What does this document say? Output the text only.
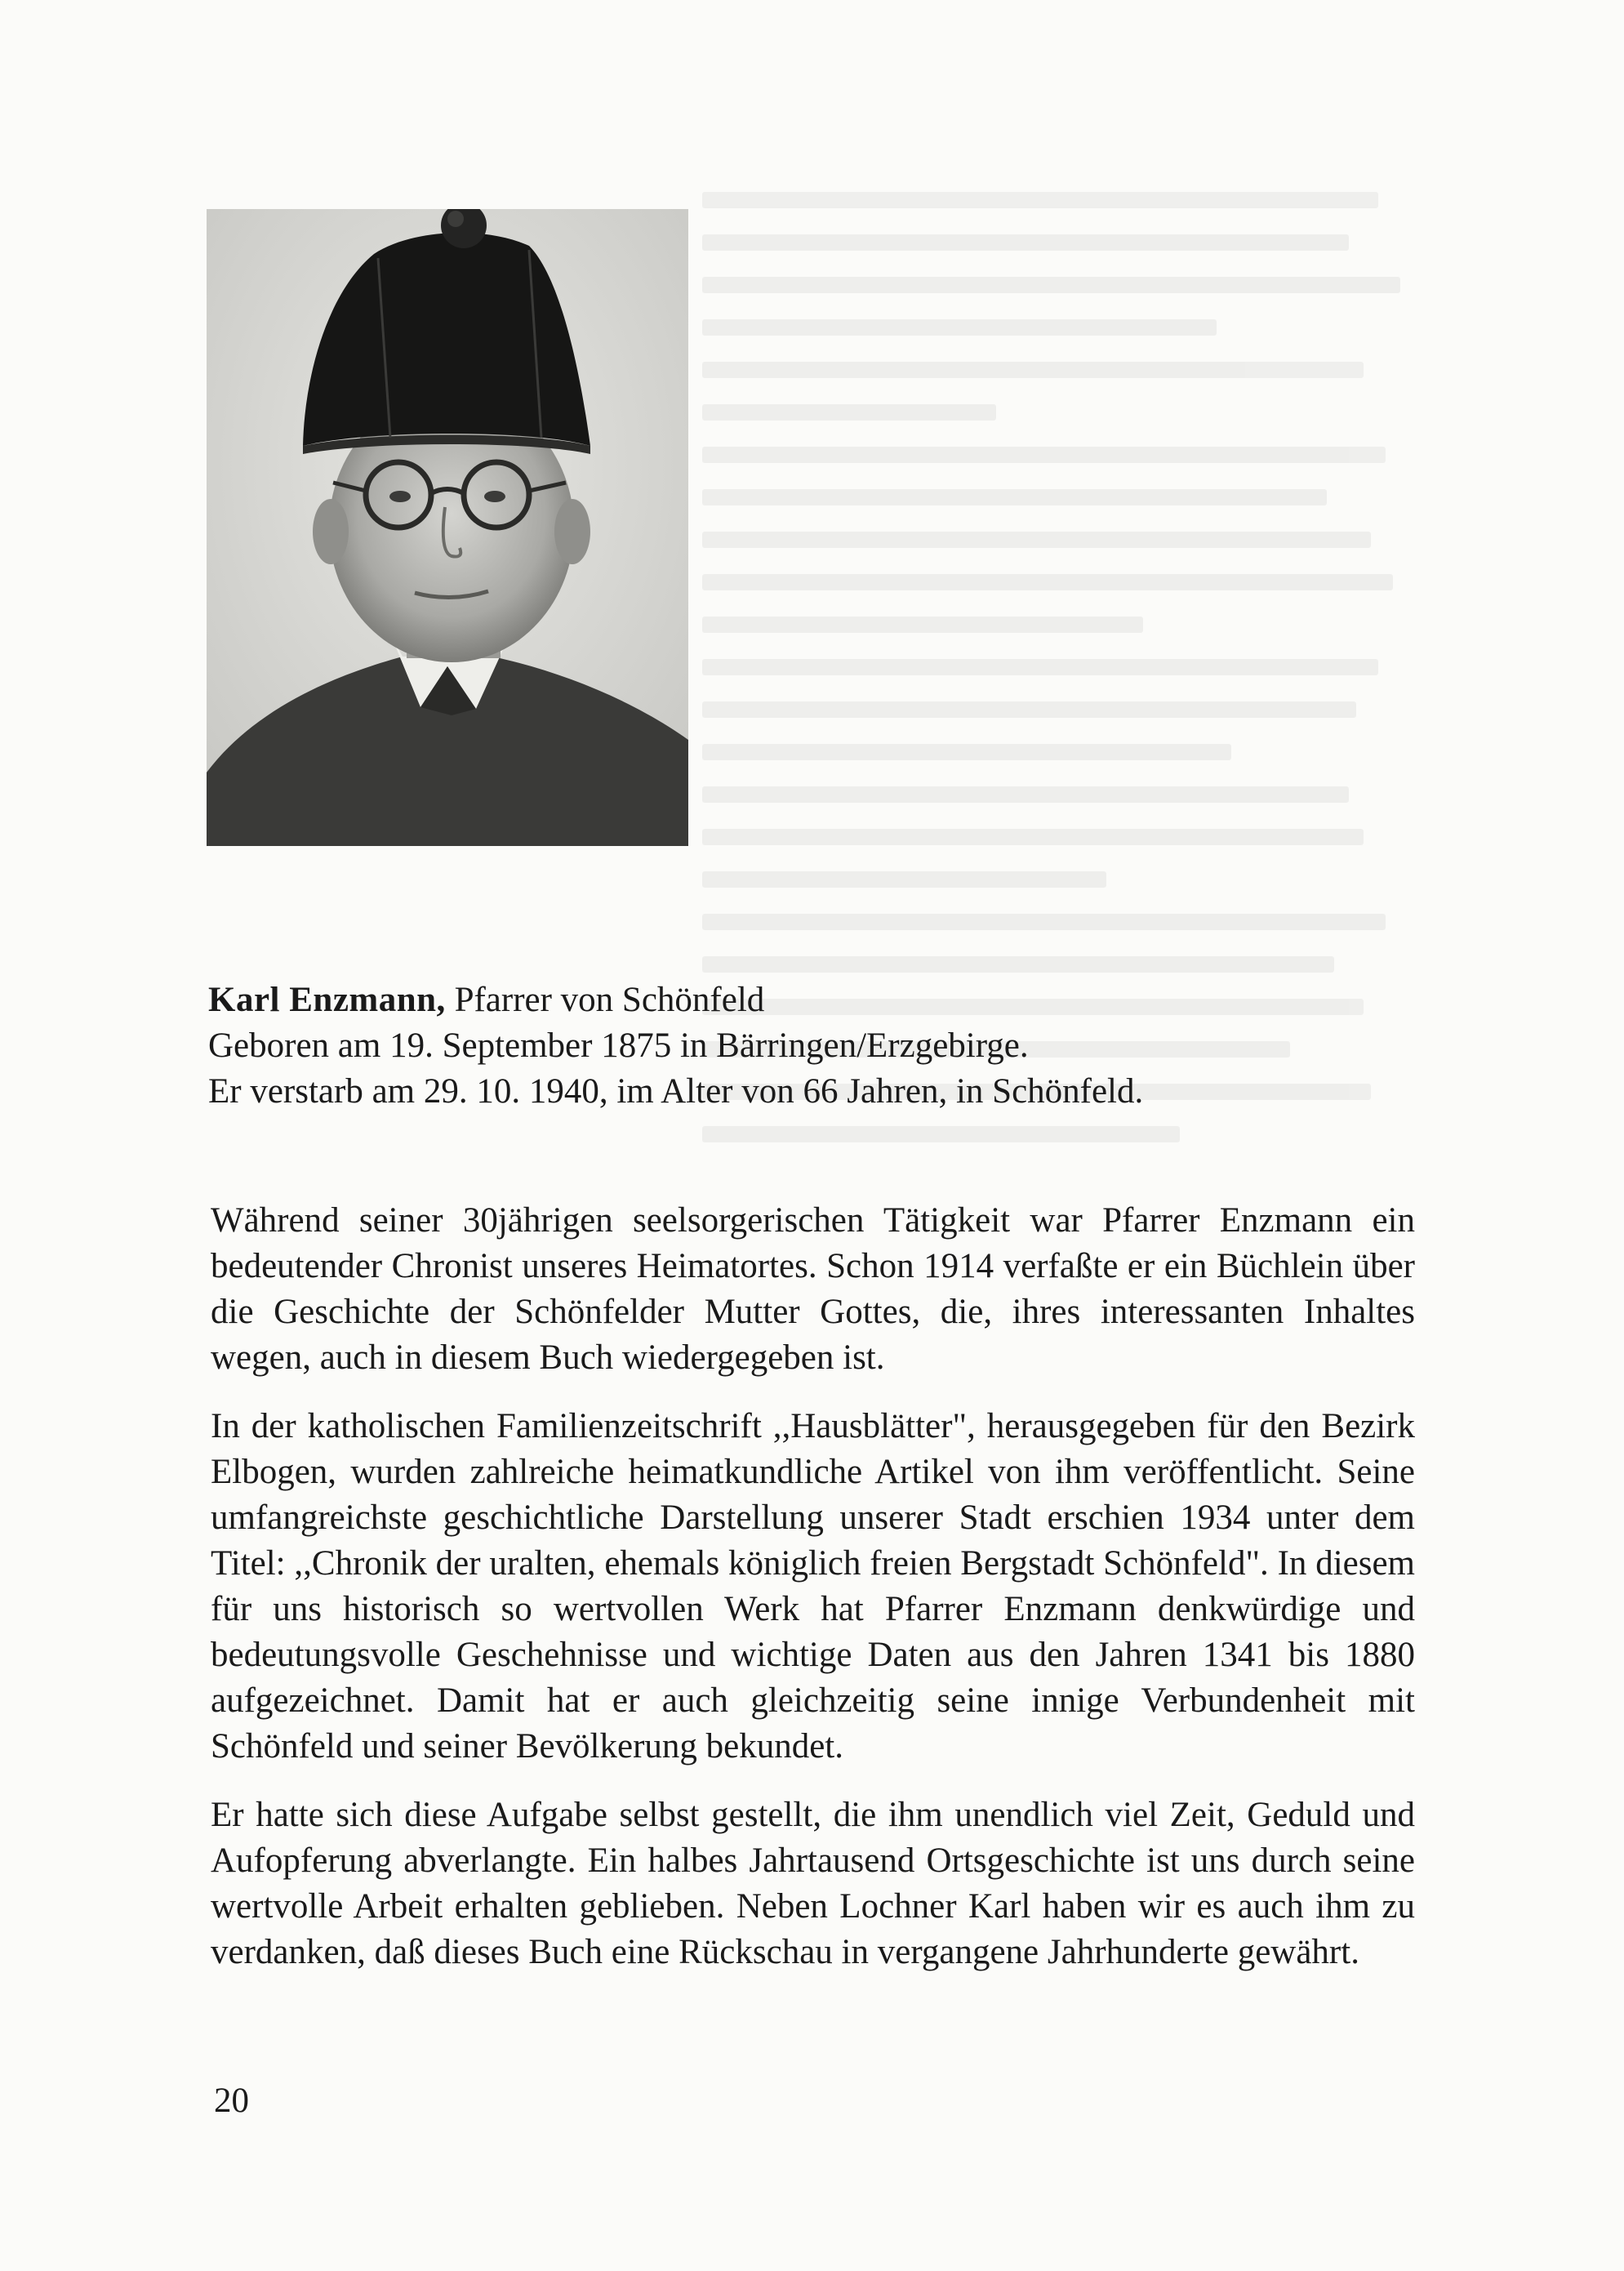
Karl Enzmann, Pfarrer von Schönfeld
Geboren am 19. September 1875 in Bärringen/Erzgebirge.
Er verstarb am 29. 10. 1940, im Alter von 66 Jahren, in Schönfeld.

Während seiner 30jährigen seelsorgerischen Tätigkeit war Pfarrer Enzmann ein bedeutender Chronist unseres Heimatortes. Schon 1914 verfaßte er ein Büchlein über die Geschichte der Schönfelder Mutter Gottes, die, ihres interessanten Inhaltes wegen, auch in diesem Buch wiedergegeben ist.

In der katholischen Familienzeitschrift ,,Hausblätter", herausgegeben für den Bezirk Elbogen, wurden zahlreiche heimatkundliche Artikel von ihm veröffentlicht. Seine umfangreichste geschichtliche Darstellung unserer Stadt erschien 1934 unter dem Titel: ,,Chronik der uralten, ehemals königlich freien Bergstadt Schönfeld". In diesem für uns historisch so wertvollen Werk hat Pfarrer Enzmann denkwürdige und bedeutungsvolle Geschehnisse und wichtige Daten aus den Jahren 1341 bis 1880 aufgezeichnet. Damit hat er auch gleichzeitig seine innige Verbundenheit mit Schönfeld und seiner Bevölkerung bekundet.

Er hatte sich diese Aufgabe selbst gestellt, die ihm unendlich viel Zeit, Geduld und Aufopferung abverlangte. Ein halbes Jahrtausend Ortsgeschichte ist uns durch seine wertvolle Arbeit erhalten geblieben. Neben Lochner Karl haben wir es auch ihm zu verdanken, daß dieses Buch eine Rückschau in vergangene Jahrhunderte gewährt.

20
